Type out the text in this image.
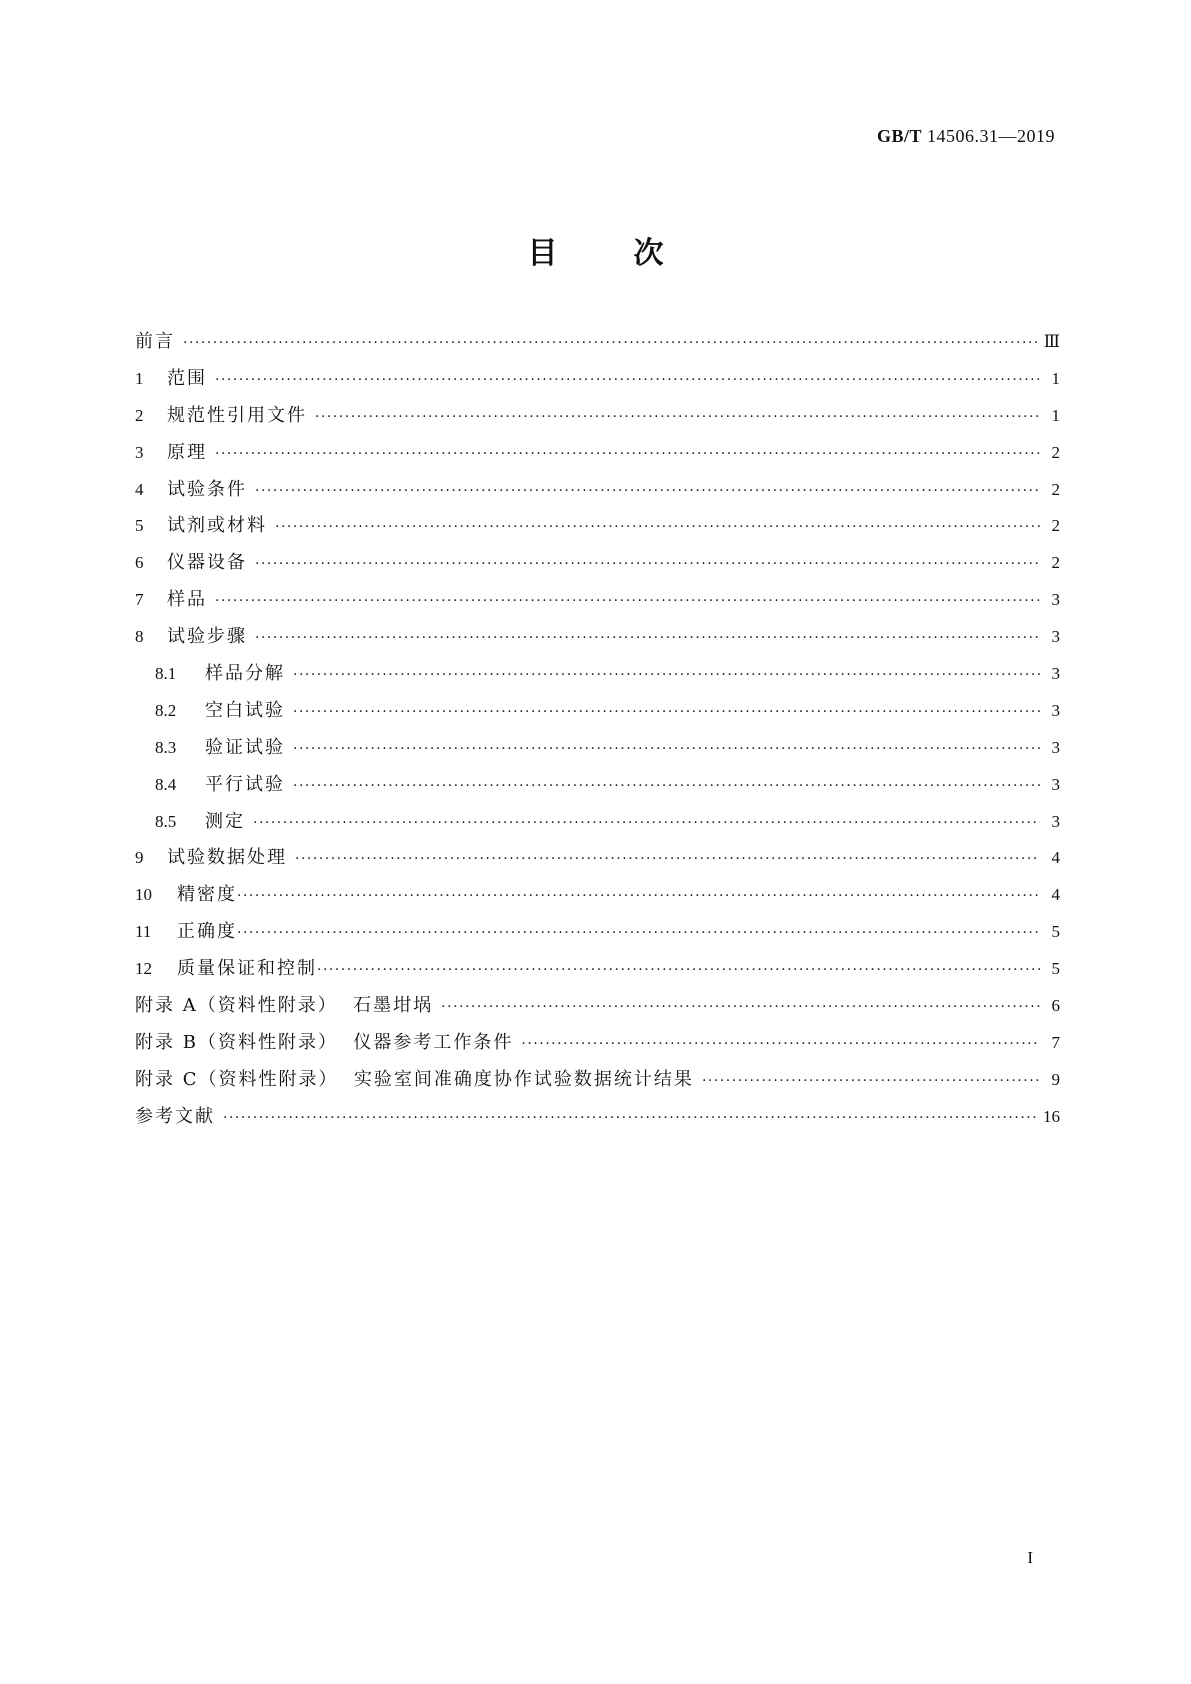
GB/T 14506.31—2019
目	次
前言 ·····	Ⅲ
1	范围 ·····	1
2	规范性引用文件 ·····	1
3	原理 ·····	2
4	试验条件 ·····	2
5	试剂或材料 ·····	2
6	仪器设备 ·····	2
7	样品 ·····	3
8	试验步骤 ·····	3
8.1	样品分解 ·····	3
8.2	空白试验 ·····	3
8.3	验证试验 ·····	3
8.4	平行试验 ·····	3
8.5	测定 ·····	3
9	试验数据处理 ·····	4
10	精密度 ·····	4
11	正确度 ·····	5
12	质量保证和控制 ·····	5
附录 A（资料性附录）  石墨坩埚 ·····	6
附录 B（资料性附录）  仪器参考工作条件 ·····	7
附录 C（资料性附录）  实验室间准确度协作试验数据统计结果 ·····	9
参考文献 ·····	16
I
